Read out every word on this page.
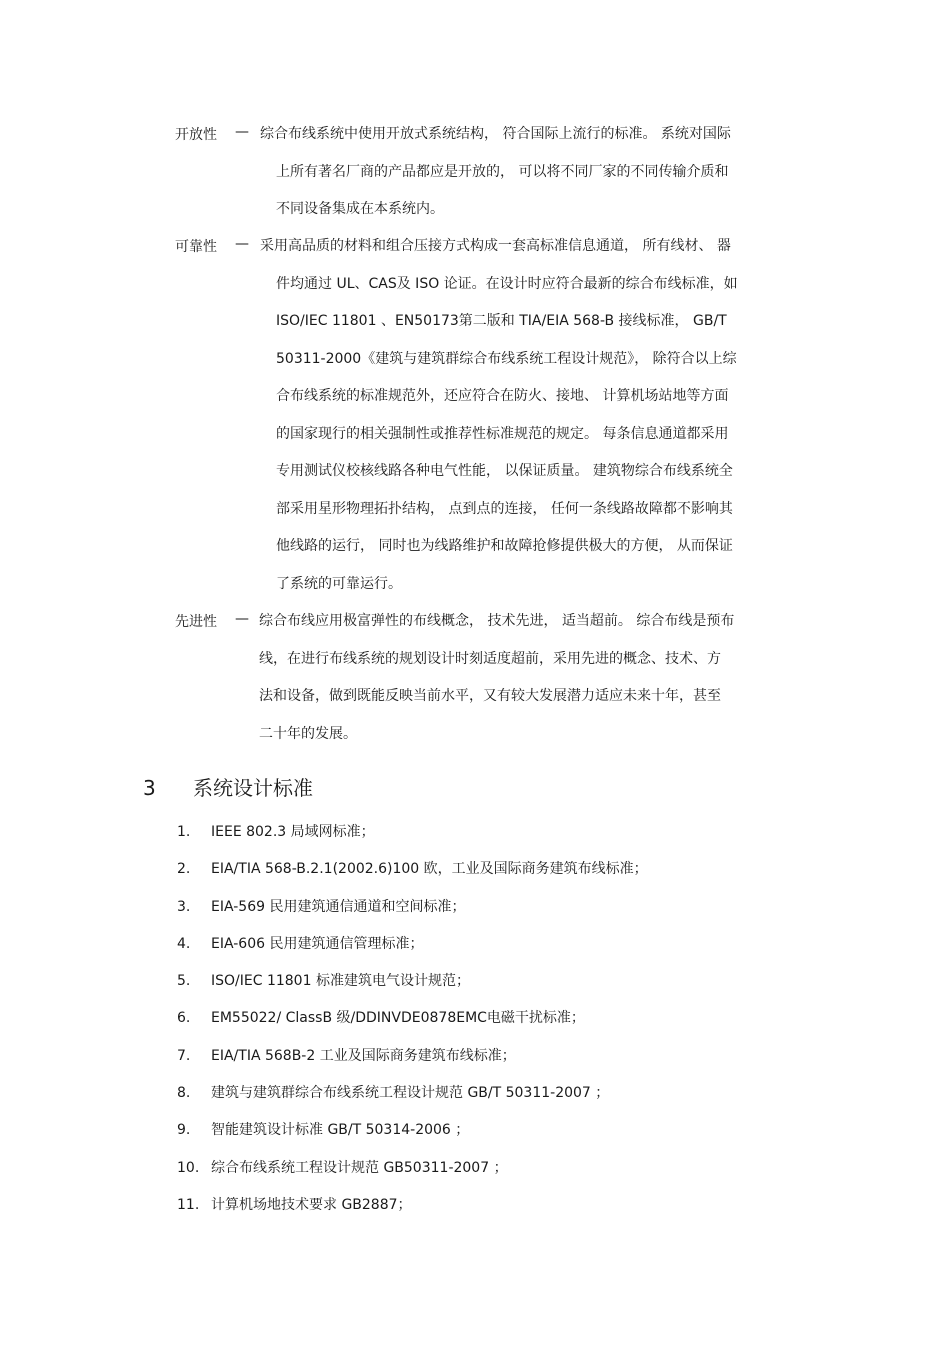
开放性 — 综合布线系统中使用开放式系统结构， 符合国际上流行的标准。 系统对国际
上所有著名厂商的产品都应是开放的， 可以将不同厂家的不同传输介质和
不同设备集成在本系统内。
可靠性 — 采用高品质的材料和组合压接方式构成一套高标准信息通道， 所有线材、 器
件均通过 UL、CAS及 ISO 论证。在设计时应符合最新的综合布线标准，如
ISO/IEC 11801 、EN50173第二版和 TIA/EIA 568-B 接线标准， GB/T
50311-2000《建筑与建筑群综合布线系统工程设计规范》， 除符合以上综
合布线系统的标准规范外，还应符合在防火、接地、 计算机场站地等方面
的国家现行的相关强制性或推荐性标准规范的规定。 每条信息通道都采用
专用测试仪校核线路各种电气性能， 以保证质量。 建筑物综合布线系统全
部采用星形物理拓扑结构， 点到点的连接， 任何一条线路故障都不影响其
他线路的运行， 同时也为线路维护和故障抢修提供极大的方便， 从而保证
了系统的可靠运行。
先进性 — 综合布线应用极富弹性的布线概念， 技术先进， 适当超前。 综合布线是预布
线，在进行布线系统的规划设计时刻适度超前，采用先进的概念、技术、方
法和设备，做到既能反映当前水平，又有较大发展潜力适应未来十年，甚至
二十年的发展。
3 系统设计标准
1. IEEE 802.3 局域网标准；
2. EIA/TIA 568-B.2.1(2002.6)100 欧，工业及国际商务建筑布线标准；
3. EIA-569 民用建筑通信通道和空间标准；
4. EIA-606 民用建筑通信管理标准；
5. ISO/IEC 11801 标准建筑电气设计规范；
6. EM55022/ ClassB 级/DDINVDE0878EMC电磁干扰标准；
7. EIA/TIA 568B-2 工业及国际商务建筑布线标准；
8. 建筑与建筑群综合布线系统工程设计规范 GB/T 50311-2007 ；
9. 智能建筑设计标准 GB/T 50314-2006 ；
10. 综合布线系统工程设计规范 GB50311-2007 ；
11. 计算机场地技术要求 GB2887；
